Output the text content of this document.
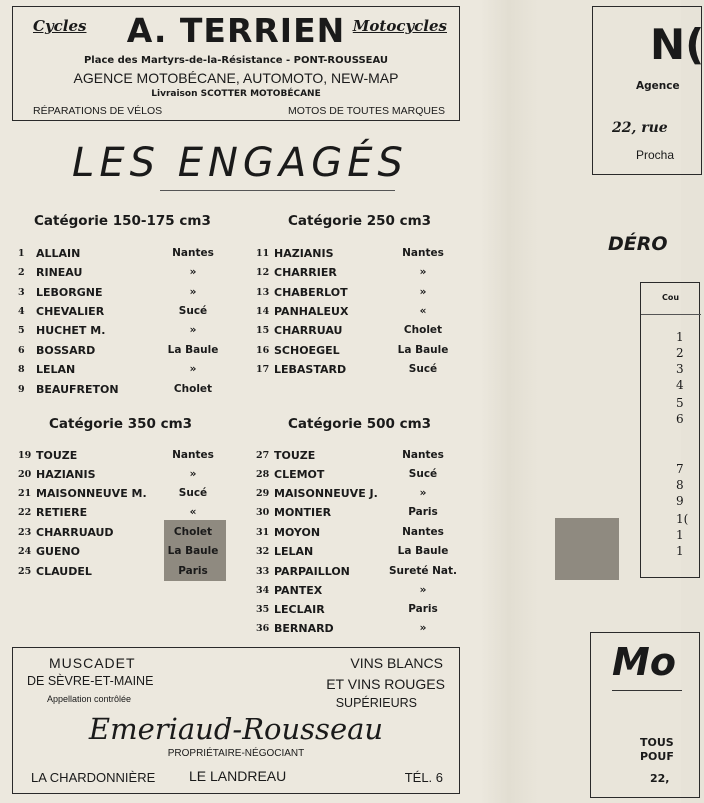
Cycles	A. TERRIEN Motocycles
Place des Martyrs-de-la-Résistance - PONT-ROUSSEAU
AGENCE MOTOBÉCANE, AUTOMOTO, NEW-MAP
Livraison SCOTTER MOTOBÉCANE
RÉPARATIONS DE VÉLOS	MOTOS DE TOUTES MARQUES
LES ENGAGÉS
Catégorie 150-175 cm3	Catégorie 250 cm3
Catégorie 350 cm3	Catégorie 500 cm3
1	ALLAIN	Nantes
2	RINEAU	»
3	LEBORGNE	»
4	CHEVALIER	Sucé
5	HUCHET M.	»
6	BOSSARD	La Baule
8	LELAN	»
9	BEAUFRETON	Cholet
11 HAZIANIS	Nantes
12 CHARRIER	»
13 CHABERLOT	»
14 PANHALEUX	«
15 CHARRUAU	Cholet
16 SCHOEGEL	La Baule
17 LEBASTARD	Sucé
19 TOUZE	Nantes
20 HAZIANIS	»
21 MAISONNEUVE M.	Sucé
22 RETIERE	«
23 CHARRUAUD	Cholet
24 GUENO	La Baule
25 CLAUDEL	Paris
27 TOUZE	Nantes
28 CLEMOT	Sucé
29 MAISONNEUVE J.	»
30 MONTIER	Paris
31 MOYON	Nantes
32 LELAN	La Baule
33 PARPAILLON	Sureté Nat.
34 PANTEX	»
35 LECLAIR	Paris
36 BERNARD	»
MUSCADET
DE SÈVRE-ET-MAINE
Appellation contrôlée
VINS BLANCS
ET VINS ROUGES
SUPÉRIEURS
Emeriaud-Rousseau
PROPRIÉTAIRE-NÉGOCIANT
LA CHARDONNIÈRE LE LANDREAU	TÉL. 6
N(
Agence
22, rue
Procha
DÉRO
Cou
1
2
3
4
5
6
7
8
9
1(
1
1
Mo
TOUS
POUF
22,
